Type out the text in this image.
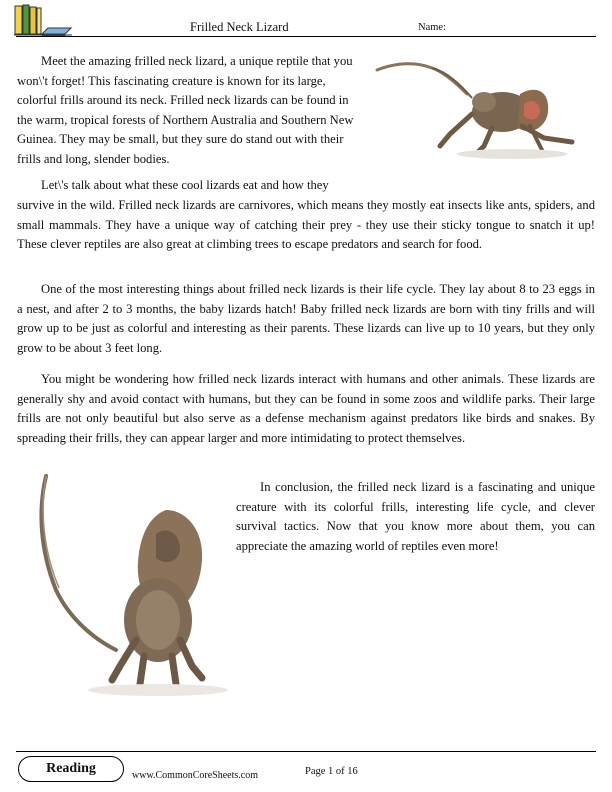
Frilled Neck Lizard	Name:

Meet the amazing frilled neck lizard, a unique reptile that you won\'t forget! This fascinating creature is known for its large, colorful frills around its neck. Frilled neck lizards can be found in the warm, tropical forests of Northern Australia and Southern New Guinea. They may be small, but they sure do stand out with their frills and long, slender bodies.

Let\'s talk about what these cool lizards eat and how they

survive in the wild. Frilled neck lizards are carnivores, which means they mostly eat insects like ants, spiders, and small mammals. They have a unique way of catching their prey - they use their sticky tongue to snatch it up! These clever reptiles are also great at climbing trees to escape predators and search for food.

One of the most interesting things about frilled neck lizards is their life cycle. They lay about 8 to 23 eggs in a nest, and after 2 to 3 months, the baby lizards hatch! Baby frilled neck lizards are born with tiny frills and will grow up to be just as colorful and interesting as their parents. These lizards can live up to 10 years, but they only grow to be about 3 feet long.

You might be wondering how frilled neck lizards interact with humans and other animals. These lizards are generally shy and avoid contact with humans, but they can be found in some zoos and wildlife parks. Their large frills are not only beautiful but also serve as a defense mechanism against predators like birds and snakes. By spreading their frills, they can appear larger and more intimidating to protect themselves.

In conclusion, the frilled neck lizard is a fascinating and unique creature with its colorful frills, interesting life cycle, and clever survival tactics. Now that you know more about them, you can appreciate the amazing world of reptiles even more!

Reading	www.CommonCoreSheets.com	Page 1 of 16
